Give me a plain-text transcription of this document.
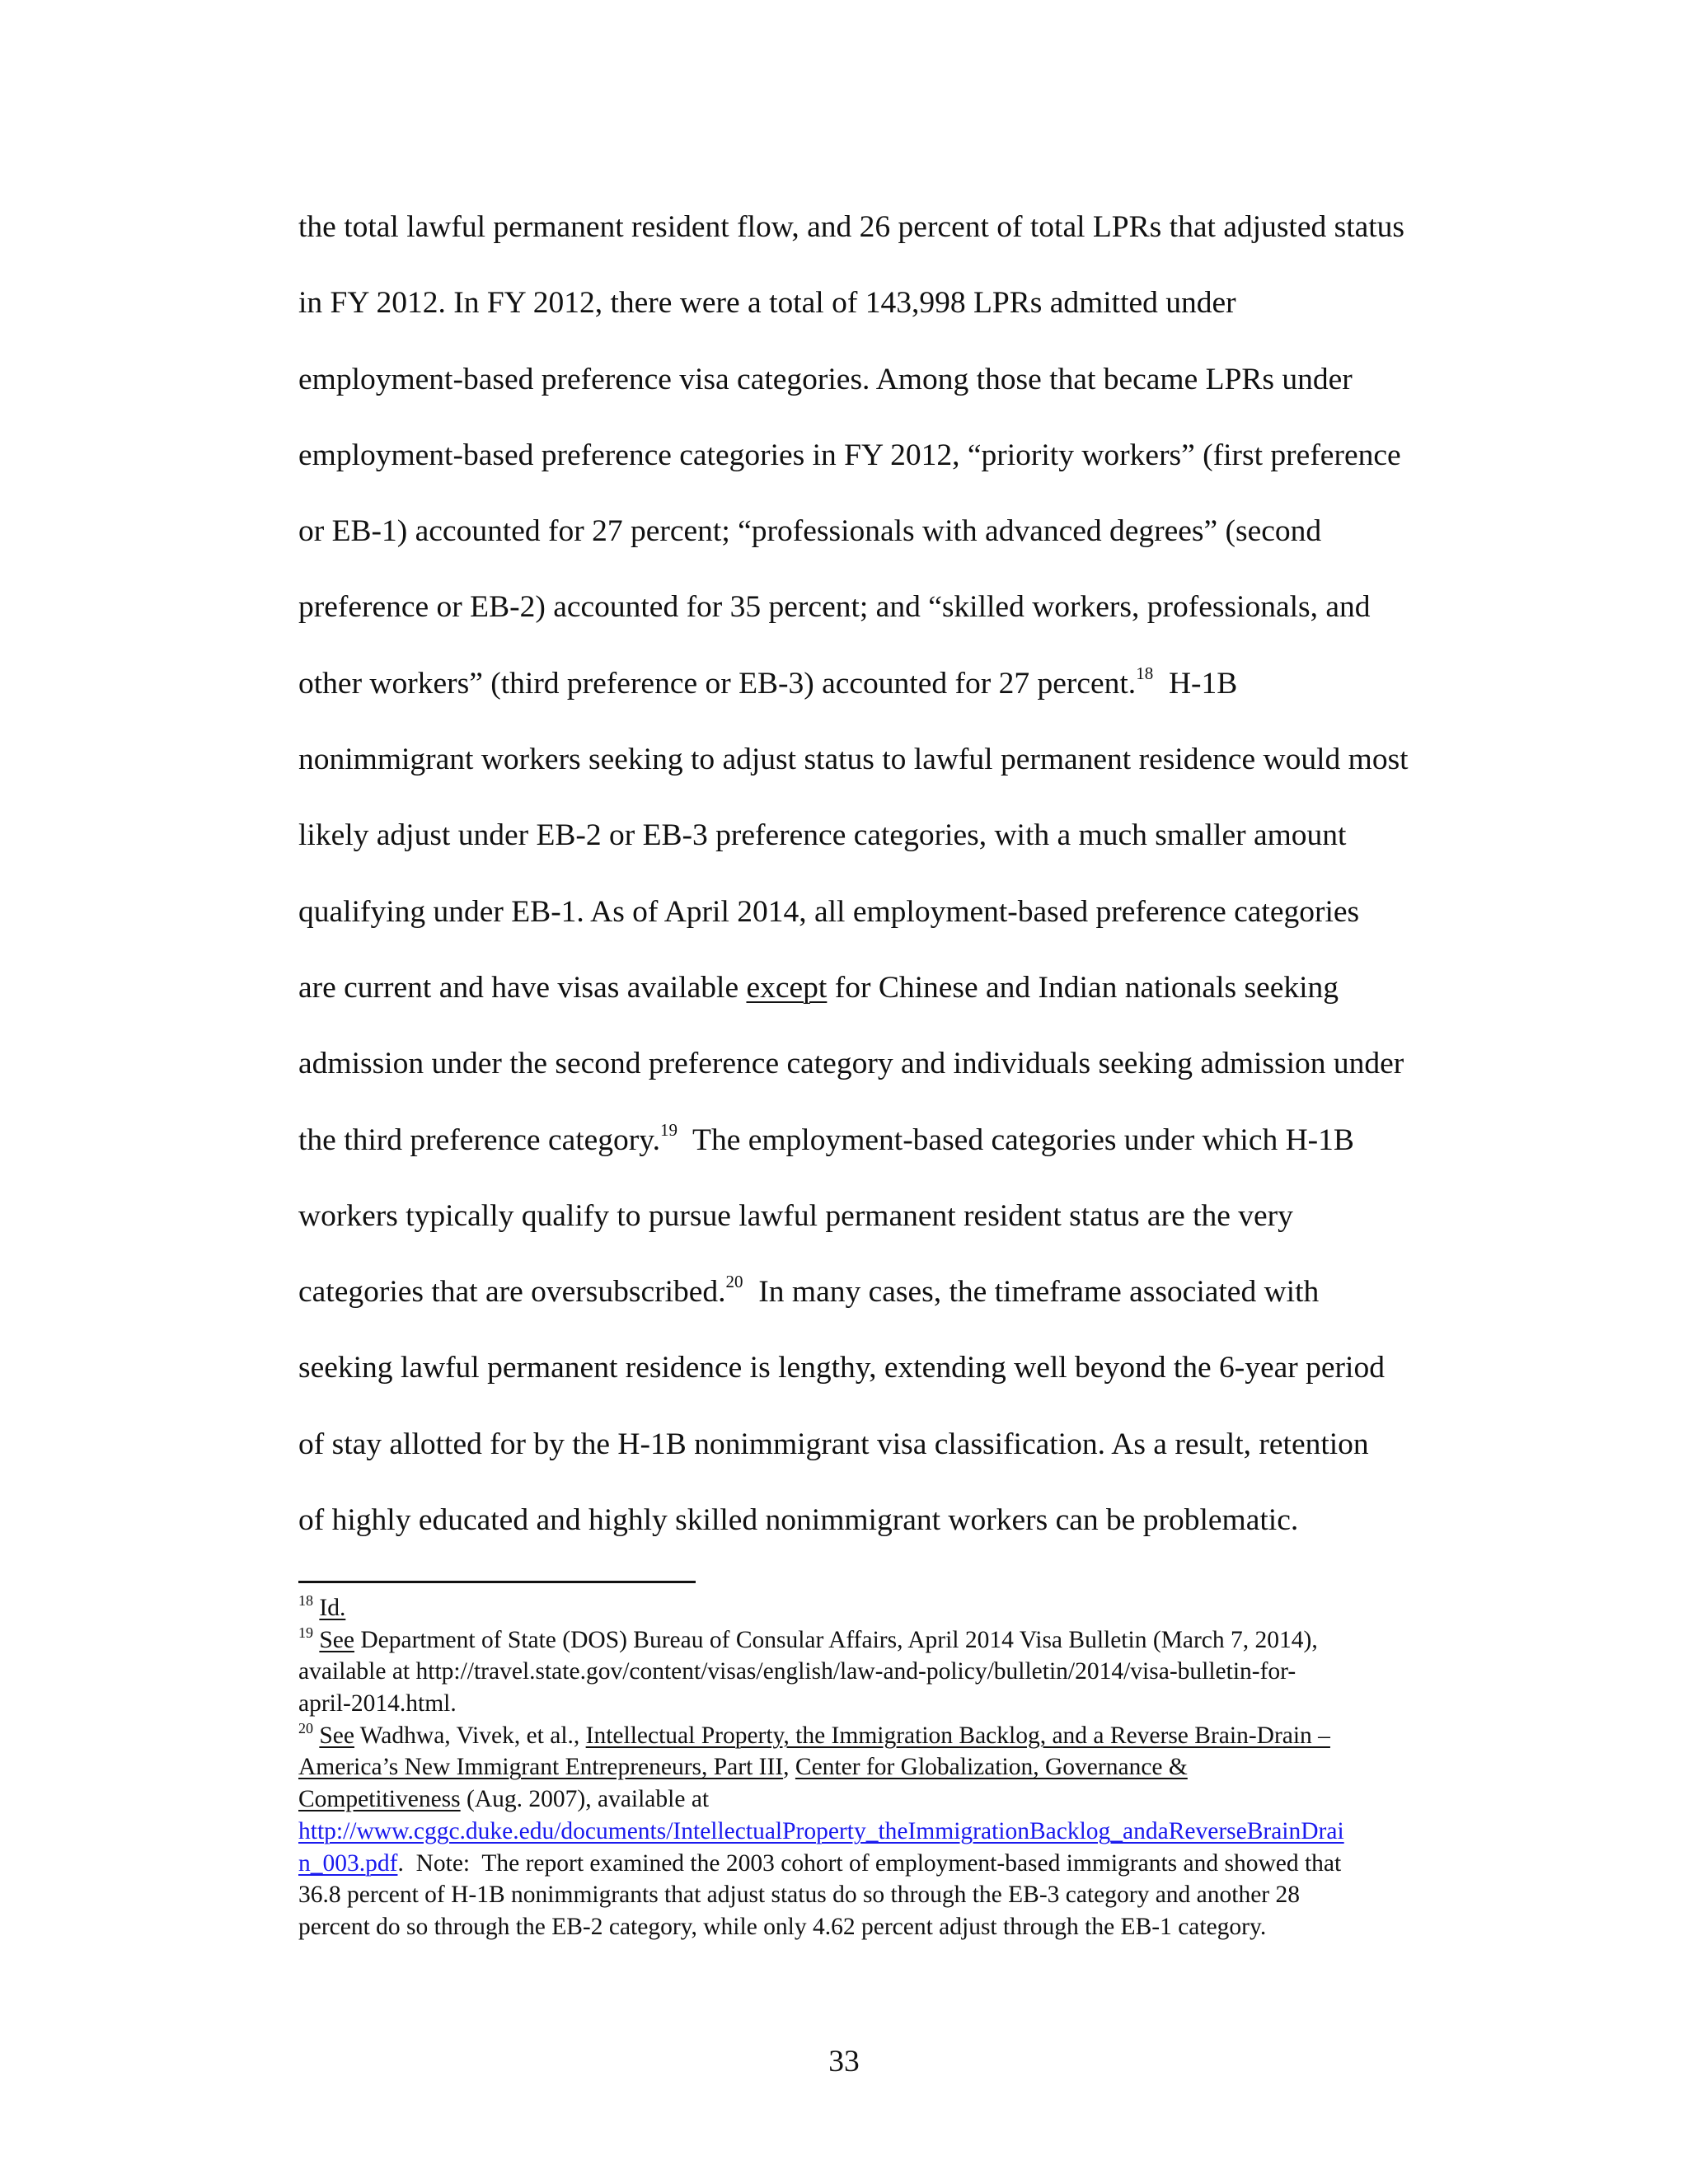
the total lawful permanent resident flow, and 26 percent of total LPRs that adjusted status
in FY 2012. In FY 2012, there were a total of 143,998 LPRs admitted under
employment-based preference visa categories. Among those that became LPRs under
employment-based preference categories in FY 2012, “priority workers” (first preference
or EB-1) accounted for 27 percent; “professionals with advanced degrees” (second
preference or EB-2) accounted for 35 percent; and “skilled workers, professionals, and
other workers” (third preference or EB-3) accounted for 27 percent.$^{18}$  H-1B
nonimmigrant workers seeking to adjust status to lawful permanent residence would most
likely adjust under EB-2 or EB-3 preference categories, with a much smaller amount
qualifying under EB-1. As of April 2014, all employment-based preference categories
are current and have visas available except for Chinese and Indian nationals seeking
admission under the second preference category and individuals seeking admission under
the third preference category.$^{19}$  The employment-based categories under which H-1B
workers typically qualify to pursue lawful permanent resident status are the very
categories that are oversubscribed.$^{20}$  In many cases, the timeframe associated with
seeking lawful permanent residence is lengthy, extending well beyond the 6-year period
of stay allotted for by the H-1B nonimmigrant visa classification. As a result, retention
of highly educated and highly skilled nonimmigrant workers can be problematic.
$^{18}$ Id.
$^{19}$ See Department of State (DOS) Bureau of Consular Affairs, April 2014 Visa Bulletin (March 7, 2014),
available at http://travel.state.gov/content/visas/english/law-and-policy/bulletin/2014/visa-bulletin-for-
april-2014.html.
$^{20}$ See Wadhwa, Vivek, et al., Intellectual Property, the Immigration Backlog, and a Reverse Brain-Drain –
America’s New Immigrant Entrepreneurs, Part III, Center for Globalization, Governance &
Competitiveness (Aug. 2007), available at
http://www.cggc.duke.edu/documents/IntellectualProperty_theImmigrationBacklog_andaReverseBrainDrai
n_003.pdf.  Note:  The report examined the 2003 cohort of employment-based immigrants and showed that
36.8 percent of H-1B nonimmigrants that adjust status do so through the EB-3 category and another 28
percent do so through the EB-2 category, while only 4.62 percent adjust through the EB-1 category.
33
